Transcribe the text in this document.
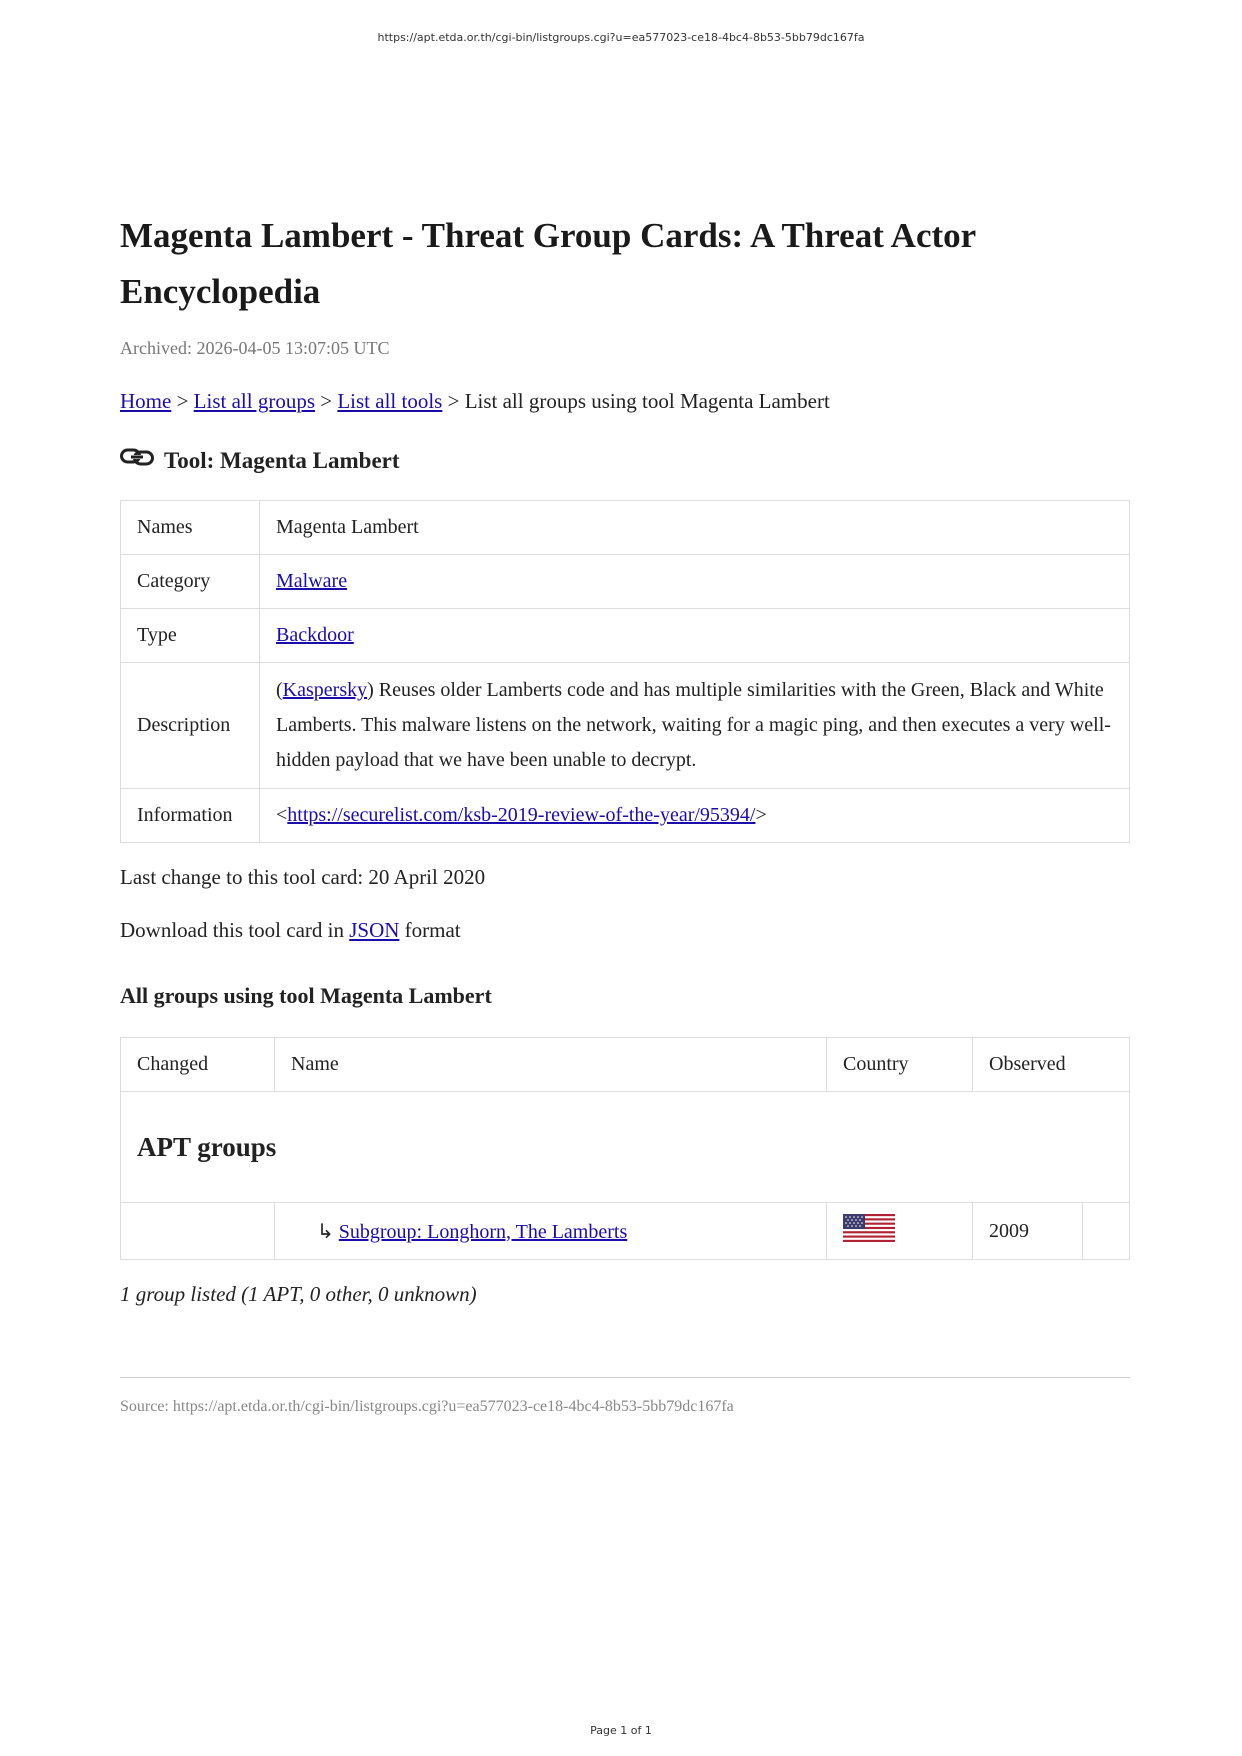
https://apt.etda.or.th/cgi-bin/listgroups.cgi?u=ea577023-ce18-4bc4-8b53-5bb79dc167fa
Magenta Lambert - Threat Group Cards: A Threat Actor Encyclopedia
Archived: 2026-04-05 13:07:05 UTC
Home > List all groups > List all tools > List all groups using tool Magenta Lambert
Tool: Magenta Lambert
Names	Magenta Lambert
Category	Malware
Type	Backdoor
Description	(Kaspersky) Reuses older Lamberts code and has multiple similarities with the Green, Black and White Lamberts. This malware listens on the network, waiting for a magic ping, and then executes a very well-hidden payload that we have been unable to decrypt.
Information	<https://securelist.com/ksb-2019-review-of-the-year/95394/>
Last change to this tool card: 20 April 2020
Download this tool card in JSON format
All groups using tool Magenta Lambert
Changed	Name	Country	Observed	
APT groups				
	↳ Subgroup: Longhorn, The Lamberts		2009	
1 group listed (1 APT, 0 other, 0 unknown)
Source: https://apt.etda.or.th/cgi-bin/listgroups.cgi?u=ea577023-ce18-4bc4-8b53-5bb79dc167fa
Page 1 of 1
